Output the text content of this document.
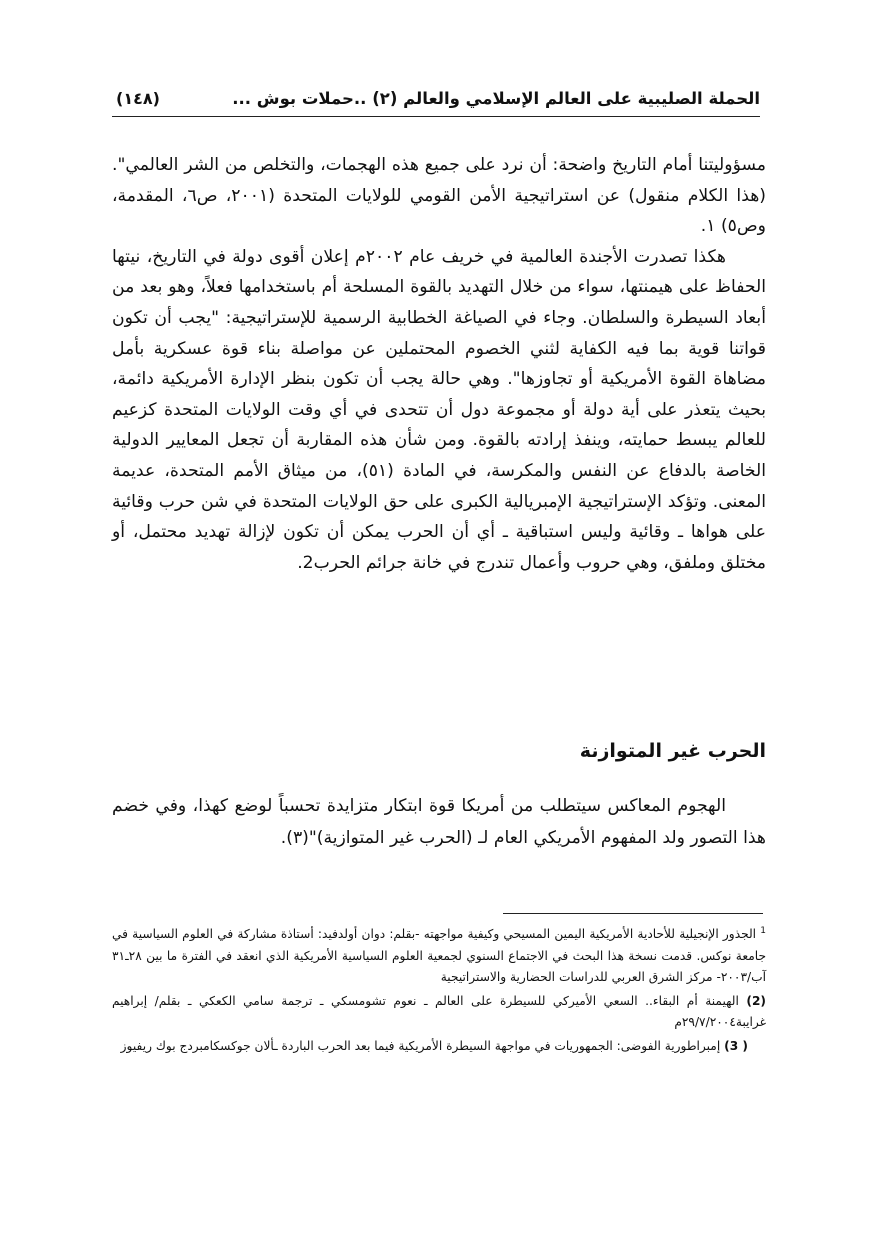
الحملة الصليبية على العالم الإسلامي والعالم (٢) ..حملات بوش ...
(١٤٨)

مسؤوليتنا أمام التاريخ واضحة: أن نرد على جميع هذه الهجمات، والتخلص من الشر العالمي". (هذا الكلام منقول) عن استراتيجية الأمن القومي للولايات المتحدة (٢٠٠١، ص٦، المقدمة، وص٥) ١.

هكذا تصدرت الأجندة العالمية في خريف عام ٢٠٠٢م إعلان أقوى دولة في التاريخ، نيتها الحفاظ على هيمنتها، سواء من خلال التهديد بالقوة المسلحة أم باستخدامها فعلاً، وهو بعد من أبعاد السيطرة والسلطان. وجاء في الصياغة الخطابية الرسمية للإستراتيجية: "يجب أن تكون قواتنا قوية بما فيه الكفاية لثني الخصوم المحتملين عن مواصلة بناء قوة عسكرية بأمل مضاهاة القوة الأمريكية أو تجاوزها". وهي حالة يجب أن تكون بنظر الإدارة الأمريكية دائمة، بحيث يتعذر على أية دولة أو مجموعة دول أن تتحدى في أي وقت الولايات المتحدة كزعيم للعالم يبسط حمايته، وينفذ إرادته بالقوة. ومن شأن هذه المقاربة أن تجعل المعايير الدولية الخاصة بالدفاع عن النفس والمكرسة، في المادة (٥١)، من ميثاق الأمم المتحدة، عديمة المعنى. وتؤكد الإستراتيجية الإمبريالية الكبرى على حق الولايات المتحدة في شن حرب وقائية على هواها ـ وقائية وليس استباقية ـ أي أن الحرب يمكن أن تكون لإزالة تهديد محتمل، أو مختلق وملفق، وهي حروب وأعمال تندرج في خانة جرائم الحرب2.

الحرب غير المتوازنة
الهجوم المعاكس سيتطلب من أمريكا قوة ابتكار متزايدة تحسباً لوضع كهذا، وفي خضم هذا التصور ولد المفهوم الأمريكي العام لـ (الحرب غير المتوازية)"(٣).

$^1$ الجذور الإنجيلية للأحادية الأمريكية اليمين المسيحي وكيفية مواجهته -بقلم: دوان أولدفيد: أستاذة مشاركة في العلوم السياسية في جامعة نوكس. قدمت نسخة هذا البحث في الاجتماع السنوي لجمعية العلوم السياسية الأمريكية الذي انعقد في الفترة ما بين ٢٨ـ٣١ آب/٢٠٠٣- مركز الشرق العربي للدراسات الحضارية والاستراتيجية

(2) الهيمنة أم البقاء.. السعي الأميركي للسيطرة على العالم ـ نعوم تشومسكي ـ ترجمة سامي الكعكي ـ بقلم/ إبراهيم غرايبة٢٩/٧/٢٠٠٤م

( 3) إمبراطورية الفوضى: الجمهوريات في مواجهة السيطرة الأمريكية فيما بعد الحرب الباردة ـألان جوكسكامبردج بوك ريفيوز
